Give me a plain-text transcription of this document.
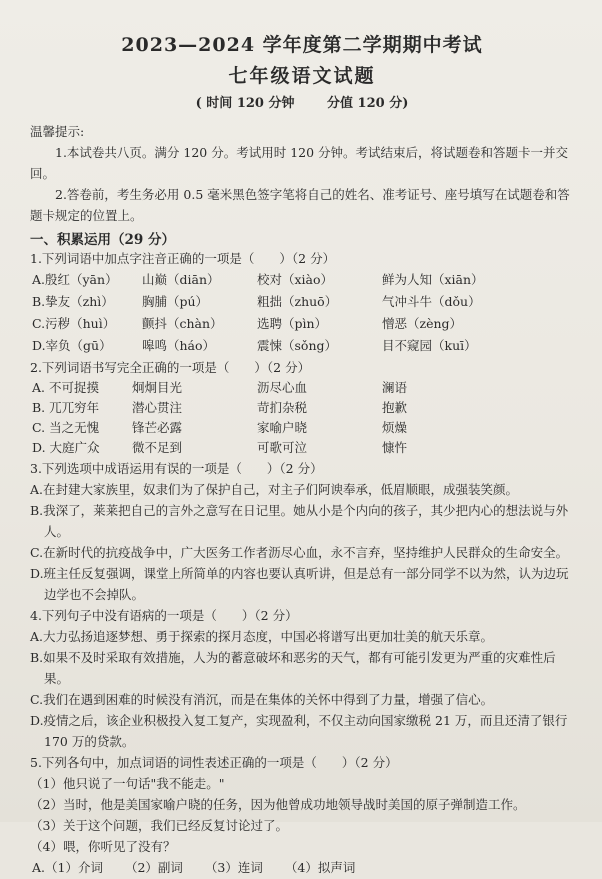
2023—2024 学年度第二学期期中考试
七年级语文试题
( 时间 120 分钟	分值 120 分)
温馨提示:
1.本试卷共八页。满分 120 分。考试用时 120 分钟。考试结束后，将试题卷和答题卡一并交回。
2.答卷前，考生务必用 0.5 毫米黑色签字笔将自己的姓名、准考证号、座号填写在试题卷和答题卡规定的位置上。
一、积累运用（29 分）
1.下列词语中加点字注音正确的一项是（　　）（2 分）
A.殷红（yān）	山巅（diān）	校对（xiào）	鲜为人知（xiān）
B.挚友（zhì）	胸脯（pú）	粗拙（zhuō）	气冲斗牛（dǒu）
C.污秽（huì）	颤抖（chàn）	选聘（pìn）	憎恶（zèng）
D.宰负（gū）	嗥鸣（háo）	震悚（sǒng）	目不窥园（kuī）
2.下列词语书写完全正确的一项是（　　）（2 分）
A. 不可捉摸	炯炯目光	沥尽心血	澜语
B. 兀兀穷年	潜心贯注	苛扪杂税	抱歉
C. 当之无愧	锋芒必露	家喻户晓	烦燥
D. 大庭广众	微不足到	可歌可泣	慷忤
3.下列选项中成语运用有误的一项是（　　）（2 分）
A.在封建大家族里，奴隶们为了保护自己，对主子们阿谀奉承，低眉顺眼，成强装笑颜。
B.我深了，莱莱把自己的言外之意写在日记里。她从小是个内向的孩子，其少把内心的想法说与外人。
C.在新时代的抗疫战争中，广大医务工作者沥尽心血，永不言弃，坚持维护人民群众的生命安全。
D.班主任反复强调，课堂上所简单的内容也要认真听讲，但是总有一部分同学不以为然，认为边玩边学也不会掉队。
4.下列句子中没有语病的一项是（　　）（2 分）
A.大力弘扬追逐梦想、勇于探索的探月态度，中国必将谱写出更加壮美的航天乐章。
B.如果不及时采取有效措施，人为的蓄意破坏和恶劣的天气，都有可能引发更为严重的灾难性后果。
C.我们在遇到困难的时候没有消沉，而是在集体的关怀中得到了力量，增强了信心。
D.疫情之后，该企业积极投入复工复产，实现盈利，不仅主动向国家缴税 21 万，而且还清了银行 170 万的贷款。
5.下列各句中，加点词语的词性表述正确的一项是（　　）（2 分）
（1）他只说了一句话"我不能走。"
（2）当时，他是美国家喻户晓的任务，因为他曾成功地领导战时美国的原子弹制造工作。
（3）关于这个问题，我们已经反复讨论过了。
（4）喂，你听见了没有？
A.（1）介词 （2）副词 （3）连词 （4）拟声词
